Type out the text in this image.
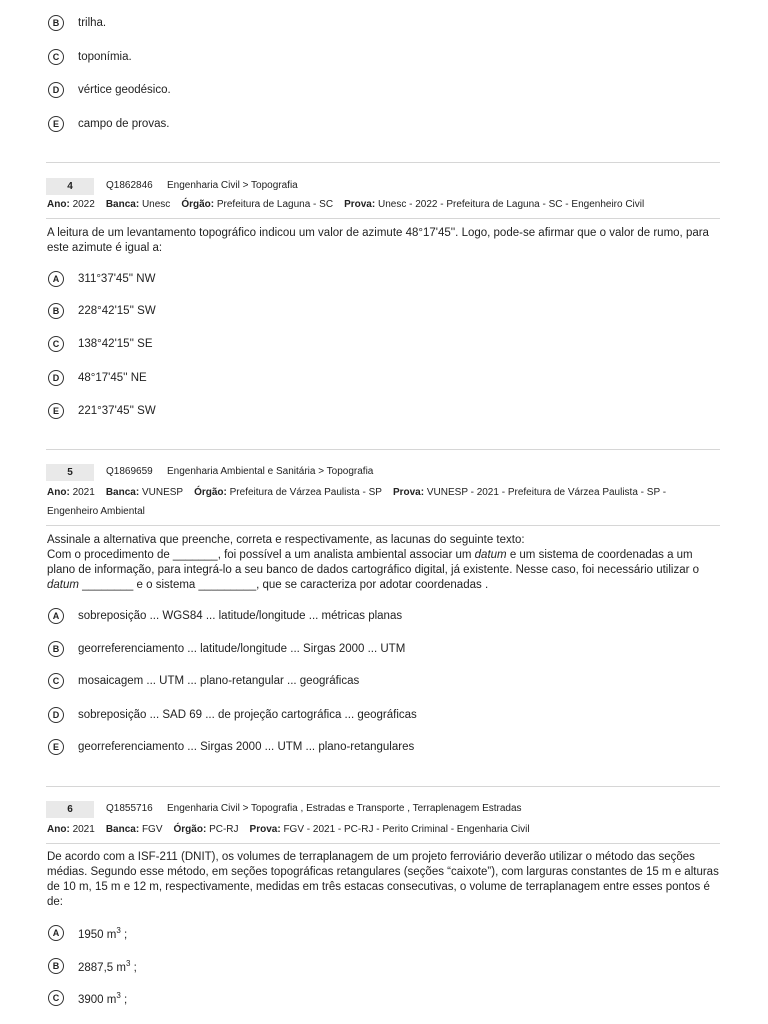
B	trilha.
C	toponímia.
D	vértice geodésico.
E	campo de provas.
4	Q1862846 Engenharia Civil > Topografia
Ano: 2022 Banca: Unesc Órgão: Prefeitura de Laguna - SC Prova: Unesc - 2022 - Prefeitura de Laguna - SC - Engenheiro Civil
A leitura de um levantamento topográfico indicou um valor de azimute 48°17'45''. Logo, pode-se afirmar que o valor de rumo, para este azimute é igual a:
A	311°37'45'' NW
B	228°42'15'' SW
C	138°42'15'' SE
D	48°17'45'' NE
E	221°37'45'' SW
5	Q1869659 Engenharia Ambiental e Sanitária > Topografia
Ano: 2021 Banca: VUNESP Órgão: Prefeitura de Várzea Paulista - SP Prova: VUNESP - 2021 - Prefeitura de Várzea Paulista - SP - Engenheiro Ambiental

Assinale a alternativa que preenche, correta e respectivamente, as lacunas do seguinte texto:

Com o procedimento de _______, foi possível a um analista ambiental associar um datum e um sistema de coordenadas a um plano de informação, para integrá-lo a seu banco de dados cartográfico digital, já existente. Nesse caso, foi necessário utilizar o datum ________ e o sistema _________, que se caracteriza por adotar coordenadas .

A	sobreposição ... WGS84 ... latitude/longitude ... métricas planas
B	georreferenciamento ... latitude/longitude ... Sirgas 2000 ... UTM
C	mosaicagem ... UTM ... plano-retangular ... geográficas
D	sobreposição ... SAD 69 ... de projeção cartográfica ... geográficas
E	georreferenciamento ... Sirgas 2000 ... UTM ... plano-retangulares
6	Q1855716 Engenharia Civil > Topografia , Estradas e Transporte , Terraplenagem Estradas
Ano: 2021 Banca: FGV Órgão: PC-RJ Prova: FGV - 2021 - PC-RJ - Perito Criminal - Engenharia Civil
De acordo com a ISF-211 (DNIT), os volumes de terraplanagem de um projeto ferroviário deverão utilizar o método das seções médias. Segundo esse método, em seções topográficas retangulares (seções “caixote”), com larguras constantes de 15 m e alturas de 10 m, 15 m e 12 m, respectivamente, medidas em três estacas consecutivas, o volume de terraplanagem entre esses pontos é de:
A	1950 $m^3$ ;
B	2887,5 $m^3$ ;
C	3900 $m^3$ ;
